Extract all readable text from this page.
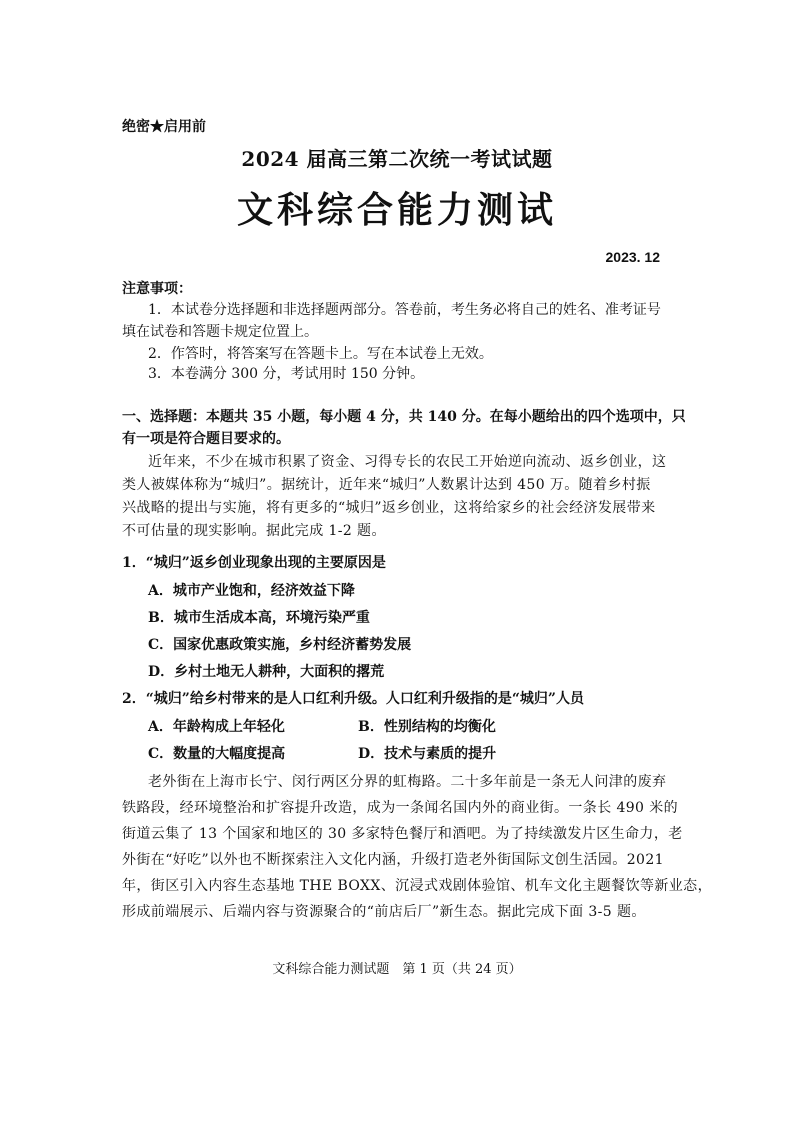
绝密★启用前
2024 届高三第二次统一考试试题
文科综合能力测试
2023. 12
注意事项：
1．本试卷分选择题和非选择题两部分。答卷前，考生务必将自己的姓名、准考证号
填在试卷和答题卡规定位置上。
2．作答时，将答案写在答题卡上。写在本试卷上无效。
3．本卷满分 300 分，考试用时 150 分钟。
一、选择题：本题共 35 小题，每小题 4 分，共 140 分。在每小题给出的四个选项中，只
有一项是符合题目要求的。
近年来，不少在城市积累了资金、习得专长的农民工开始逆向流动、返乡创业，这
类人被媒体称为“城归”。据统计，近年来“城归”人数累计达到 450 万。随着乡村振
兴战略的提出与实施，将有更多的“城归”返乡创业，这将给家乡的社会经济发展带来
不可估量的现实影响。据此完成 1-2 题。
1．“城归”返乡创业现象出现的主要原因是
A．城市产业饱和，经济效益下降
B．城市生活成本高，环境污染严重
C．国家优惠政策实施，乡村经济蓄势发展
D．乡村土地无人耕种，大面积的撂荒
2．“城归”给乡村带来的是人口红利升级。人口红利升级指的是“城归”人员
A．年龄构成上年轻化	B．性别结构的均衡化
C．数量的大幅度提高	D．技术与素质的提升
老外街在上海市长宁、闵行两区分界的虹梅路。二十多年前是一条无人问津的废弃
铁路段，经环境整治和扩容提升改造，成为一条闻名国内外的商业街。一条长 490 米的
街道云集了 13 个国家和地区的 30 多家特色餐厅和酒吧。为了持续激发片区生命力，老
外街在“好吃”以外也不断探索注入文化内涵，升级打造老外街国际文创生活园。2021
年，街区引入内容生态基地 THE BOXX、沉浸式戏剧体验馆、机车文化主题餐饮等新业态，
形成前端展示、后端内容与资源聚合的“前店后厂”新生态。据此完成下面 3-5 题。
文科综合能力测试题　第 1 页（共 24 页）
